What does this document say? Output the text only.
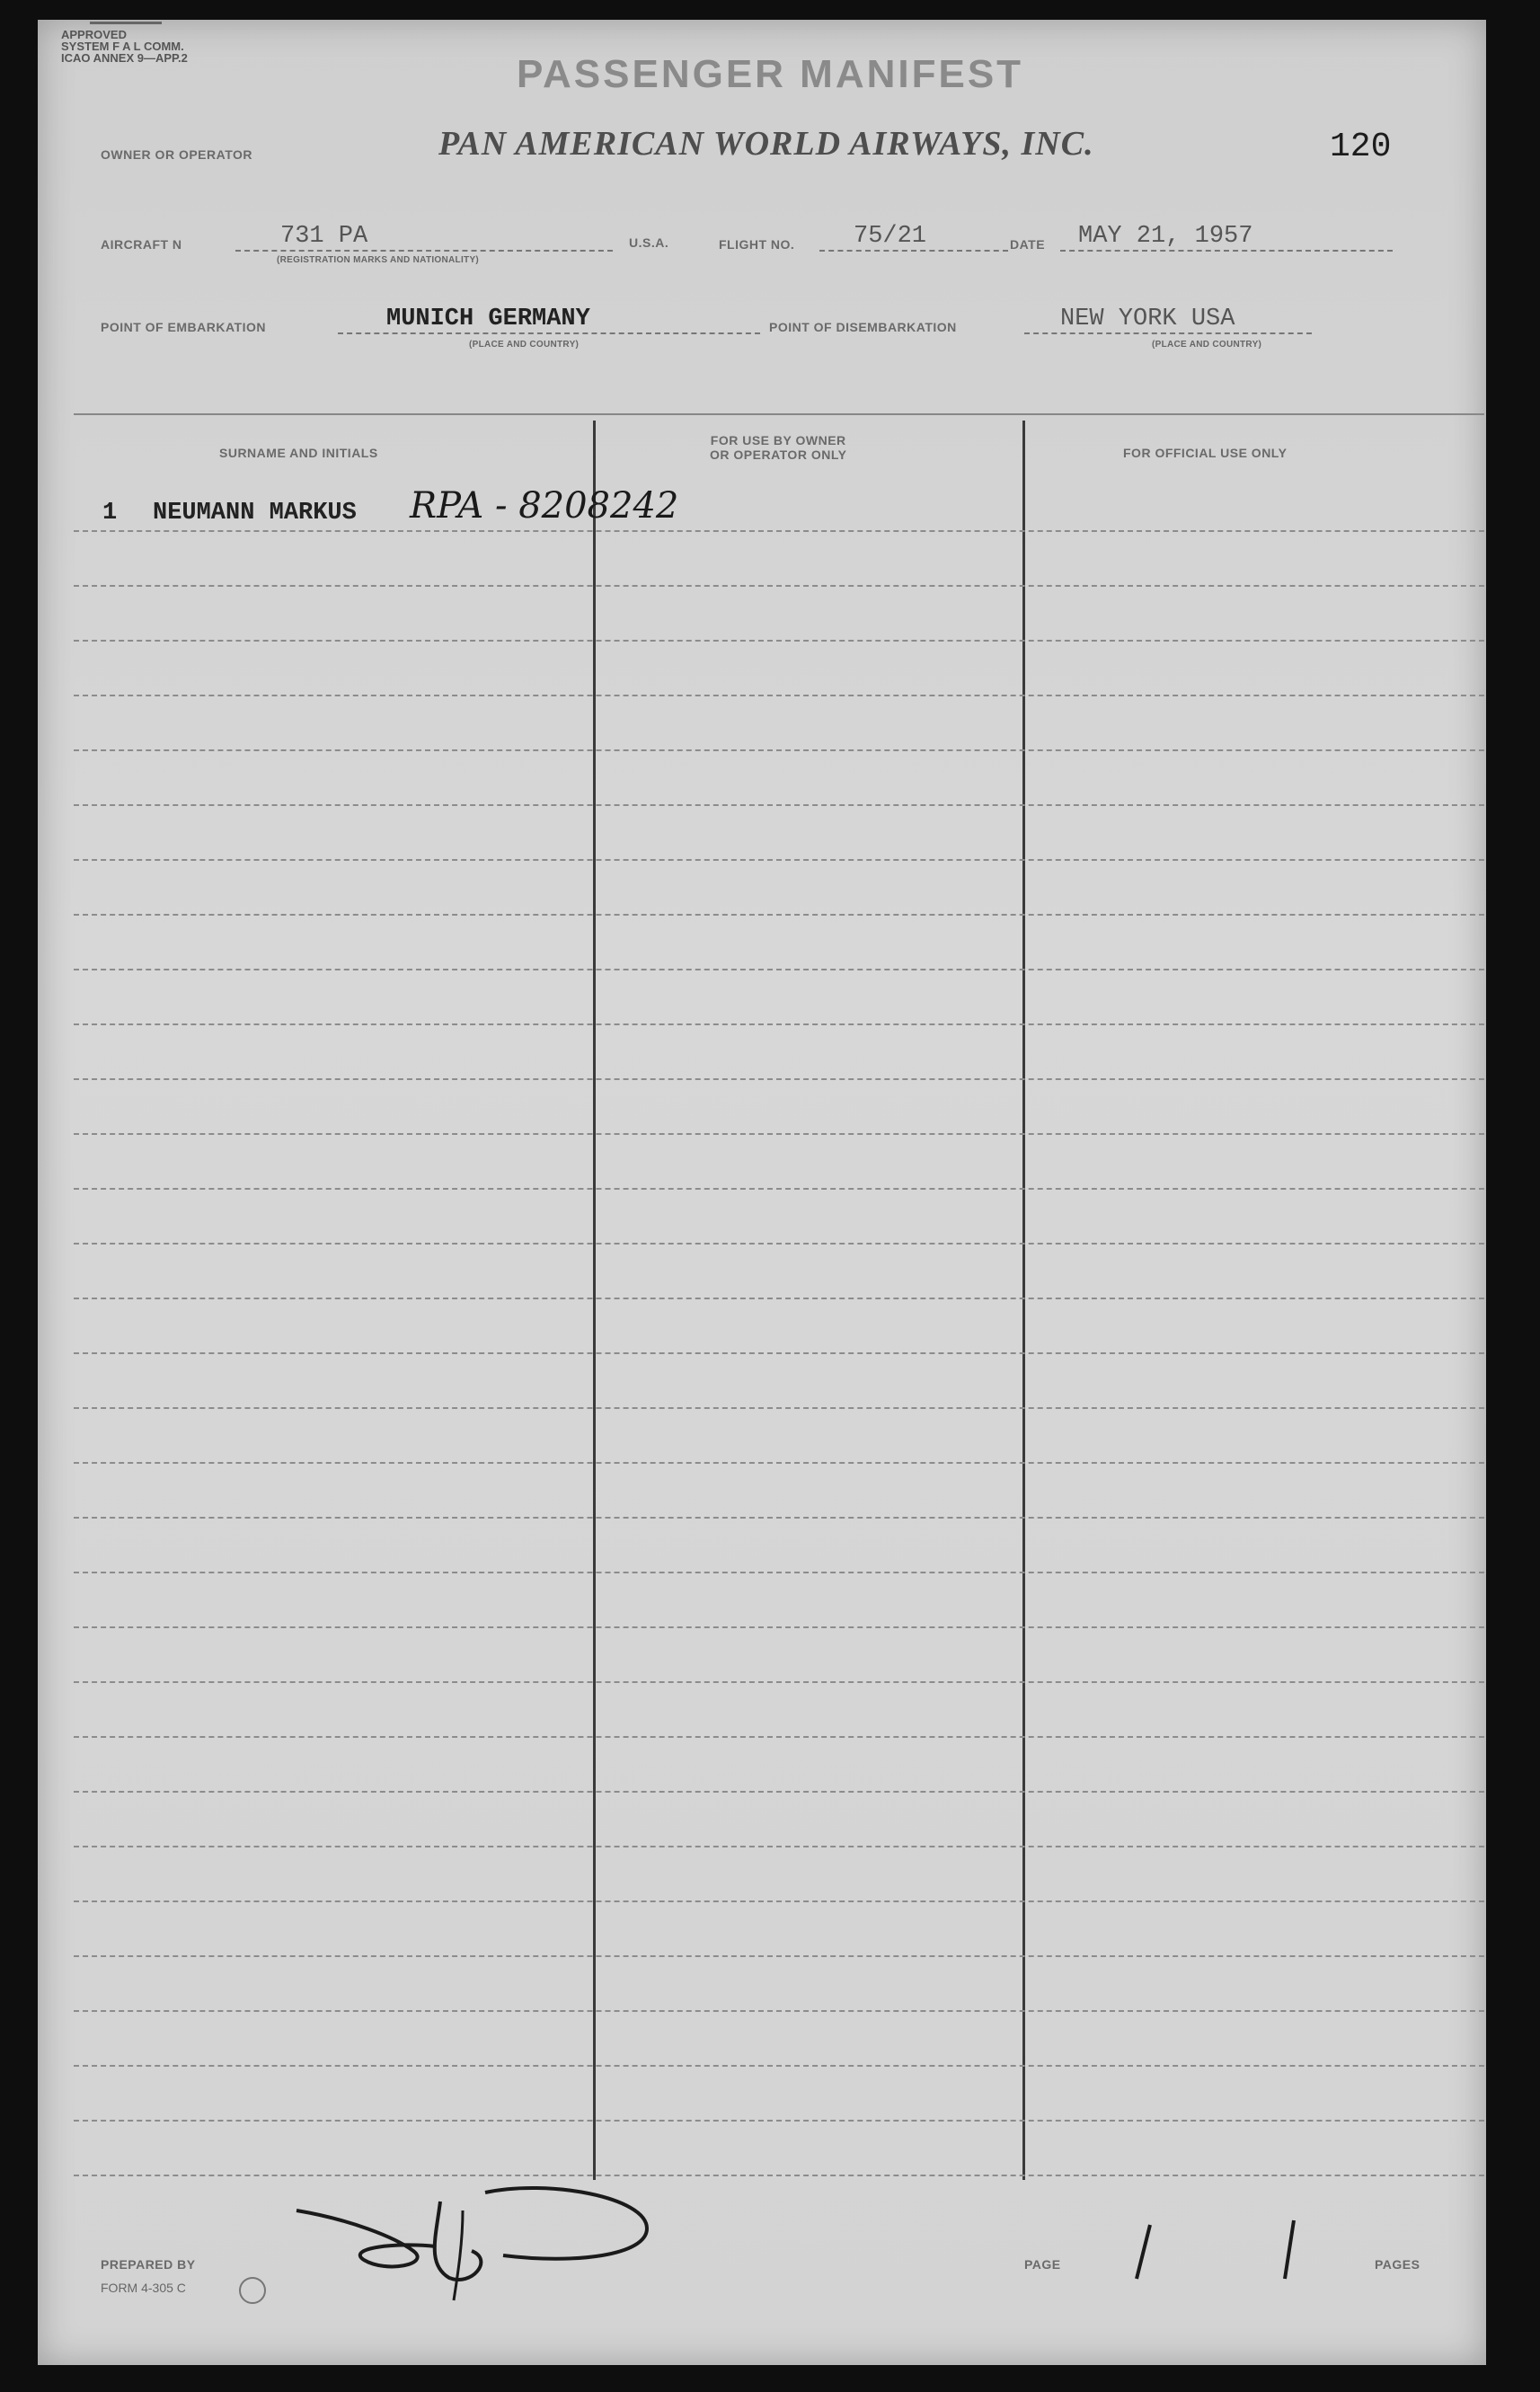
APPROVED
SYSTEM F A L COMM.
ICAO ANNEX 9—APP.2	PASSENGER MANIFEST
OWNER OR OPERATOR	PAN AMERICAN WORLD AIRWAYS, INC.	120
AIRCRAFT N	731 PA
(REGISTRATION MARKS AND NATIONALITY)
U.S.A.	FLIGHT NO. 75/21	DATE MAY 21, 1957
POINT OF EMBARKATION	MUNICH GERMANY
(PLACE AND COUNTRY)
POINT OF DISEMBARKATION	NEW YORK USA
(PLACE AND COUNTRY)
SURNAME AND INITIALS
FOR USE BY OWNER
OR OPERATOR ONLY	FOR OFFICIAL USE ONLY
1 NEUMANN MARKUS RPA - 8208242
PREPARED BY
FORM 4-305 C
PAGE	PAGES
